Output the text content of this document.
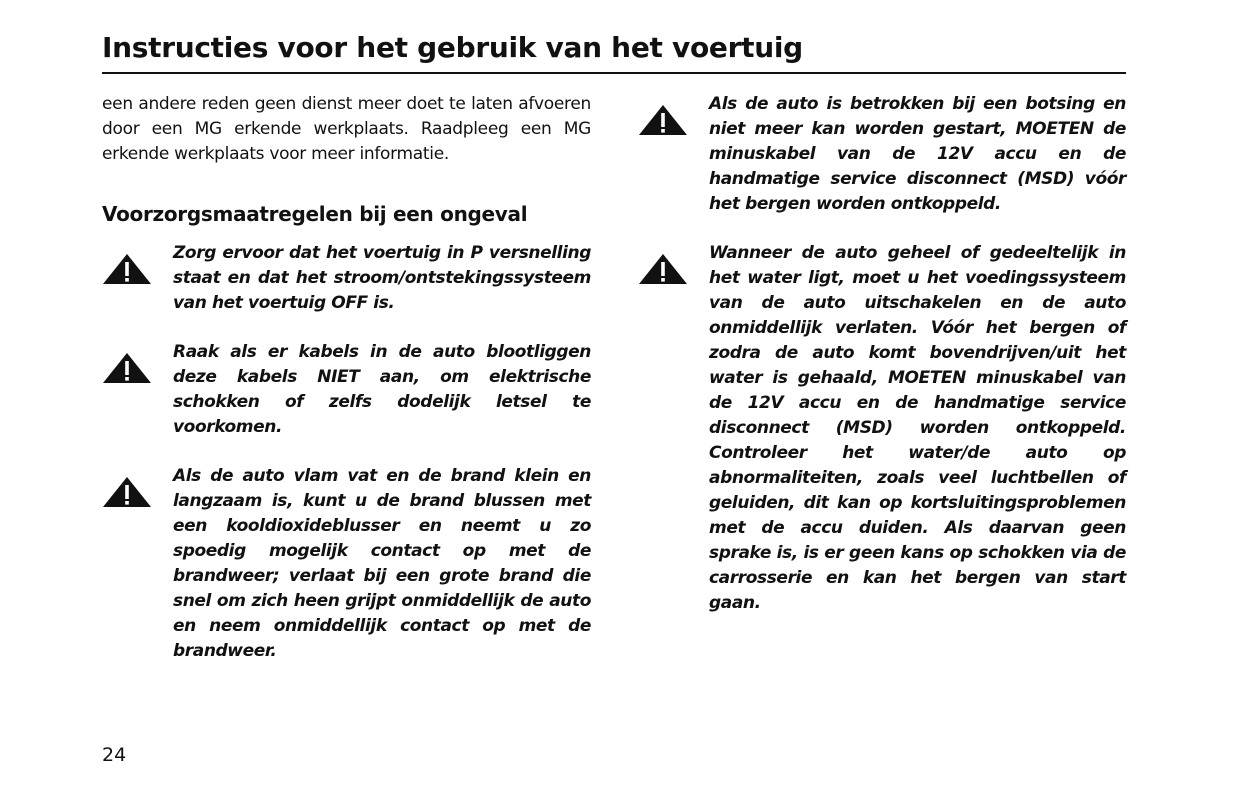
Instructies voor het gebruik van het voertuig

een andere reden geen dienst meer doet te laten afvoeren door een MG erkende werkplaats. Raadpleeg een MG erkende werkplaats voor meer informatie.

Voorzorgsmaatregelen bij een ongeval

Zorg ervoor dat het voertuig in P versnelling staat en dat het stroom/ontstekingssysteem van het voertuig OFF is.

Raak als er kabels in de auto blootliggen deze kabels NIET aan, om elektrische schokken of zelfs dodelijk letsel te voorkomen.

Als de auto vlam vat en de brand klein en langzaam is, kunt u de brand blussen met een kooldioxideblusser en neemt u zo spoedig mogelijk contact op met de brandweer; verlaat bij een grote brand die snel om zich heen grijpt onmiddellijk de auto en neem onmiddellijk contact op met de brandweer.

Als de auto is betrokken bij een botsing en niet meer kan worden gestart, MOETEN de minuskabel van de 12V accu en de handmatige service disconnect (MSD) vóór het bergen worden ontkoppeld.

Wanneer de auto geheel of gedeeltelijk in het water ligt, moet u het voedingssysteem van de auto uitschakelen en de auto onmiddellijk verlaten. Vóór het bergen of zodra de auto komt bovendrijven/uit het water is gehaald, MOETEN minuskabel van de 12V accu en de handmatige service disconnect (MSD) worden ontkoppeld. Controleer het water/de auto op abnormaliteiten, zoals veel luchtbellen of geluiden, dit kan op kortsluitingsproblemen met de accu duiden. Als daarvan geen sprake is, is er geen kans op schokken via de carrosserie en kan het bergen van start gaan.

24
